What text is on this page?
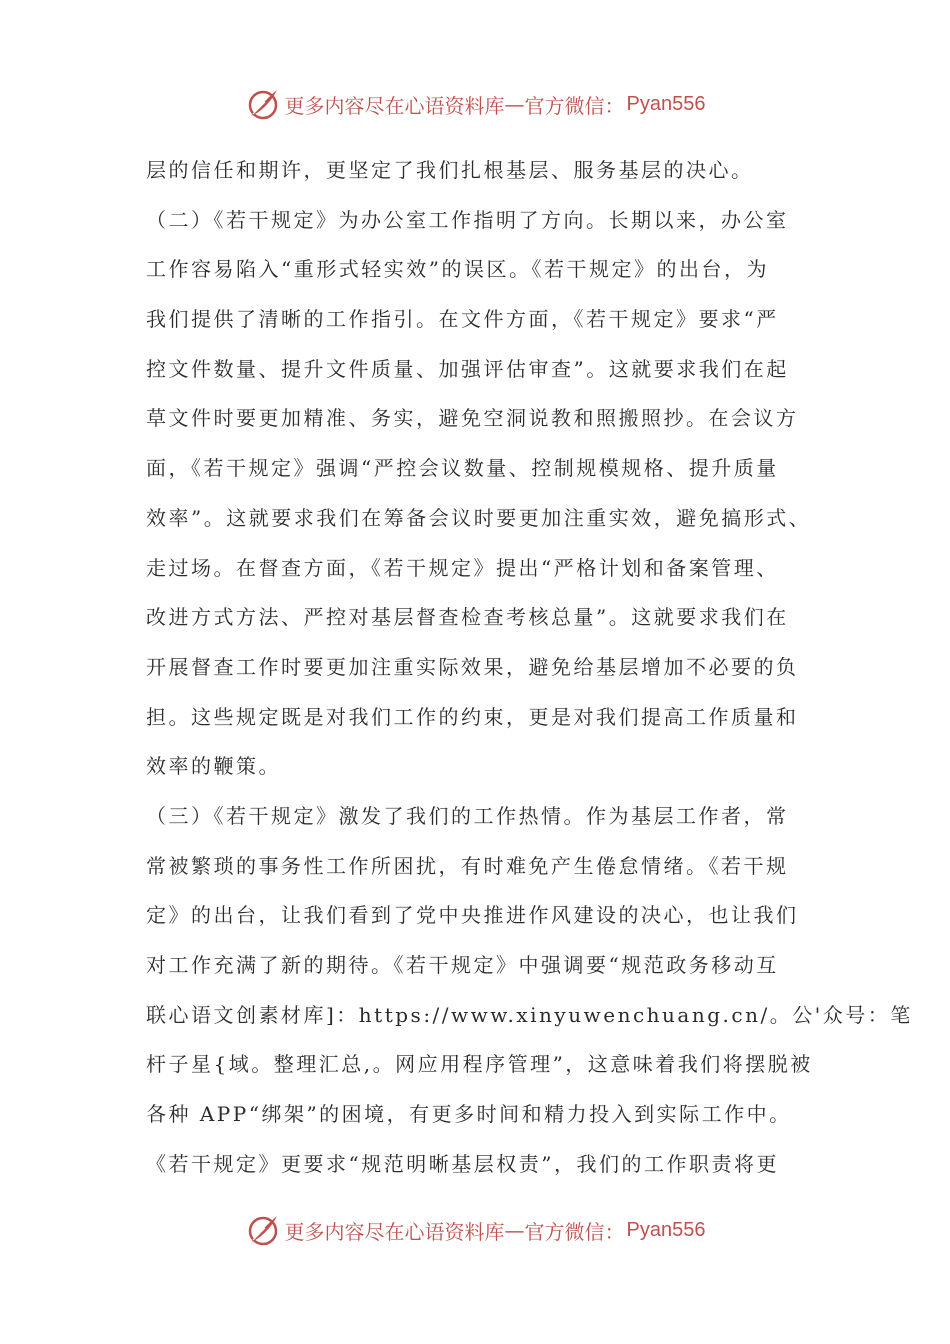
更多内容尽在心语资料库 — 官方微信： Pyan556
层的信任和期许，更坚定了我们扎根基层、服务基层的决心。
（二）《若干规定》为办公室工作指明了方向。长期以来，办公室
工作容易陷入“重形式轻实效”的误区。《若干规定》的出台，为
我们提供了清晰的工作指引。在文件方面，《若干规定》要求“严
控文件数量、提升文件质量、加强评估审查”。这就要求我们在起
草文件时要更加精准、务实，避免空洞说教和照搬照抄。在会议方
面，《若干规定》强调“严控会议数量、控制规模规格、提升质量
效率”。这就要求我们在筹备会议时要更加注重实效，避免搞形式、
走过场。在督查方面，《若干规定》提出“严格计划和备案管理、
改进方式方法、严控对基层督查检查考核总量”。这就要求我们在
开展督查工作时要更加注重实际效果，避免给基层增加不必要的负
担。这些规定既是对我们工作的约束，更是对我们提高工作质量和
效率的鞭策。
（三）《若干规定》激发了我们的工作热情。作为基层工作者，常
常被繁琐的事务性工作所困扰，有时难免产生倦怠情绪。《若干规
定》的出台，让我们看到了党中央推进作风建设的决心，也让我们
对工作充满了新的期待。《若干规定》中强调要“规范政务移动互
联心语文创素材库]：https://www.xinyuwenchuang.cn/。公'众号：笔
杆子星{域。整理汇总,。网应用程序管理”，这意味着我们将摆脱被
各种 APP“绑架”的困境，有更多时间和精力投入到实际工作中。
《若干规定》更要求“规范明晰基层权责”，我们的工作职责将更
更多内容尽在心语资料库 — 官方微信： Pyan556
